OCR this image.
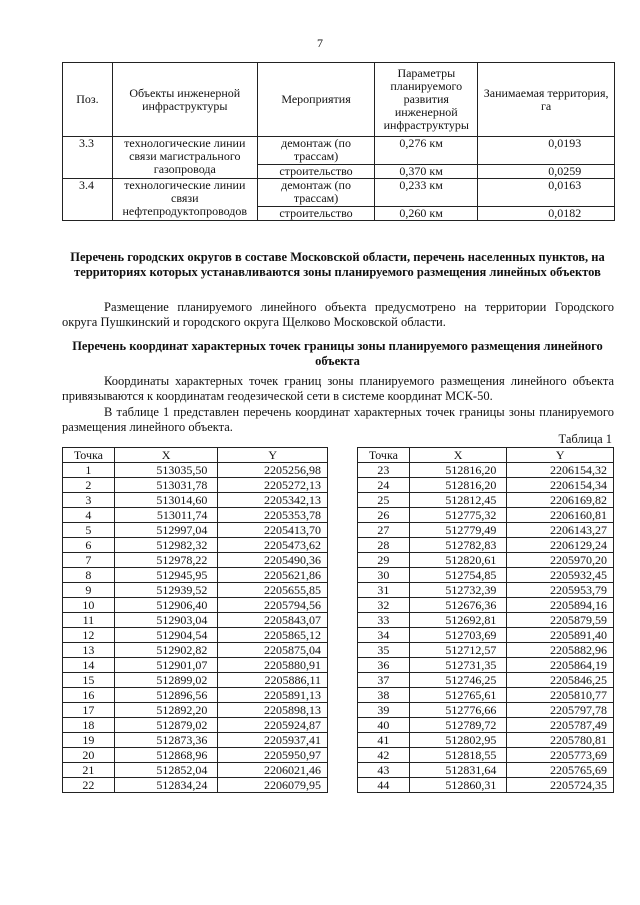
7
Поз.	Объекты инженерной инфраструктуры	Мероприятия	Параметры планируемого развития инженерной инфраструктуры	Занимаемая территория, га
3.3	технологические линии связи магистрального газопровода	демонтаж (по трассам)	0,276 км	0,0193
		строительство	0,370 км	0,0259
3.4	технологические линии связи нефтепродуктопроводов	демонтаж (по трассам)	0,233 км	0,0163
		строительство	0,260 км	0,0182
Перечень городских округов в составе Московской области, перечень населенных пунктов, на территориях которых устанавливаются зоны планируемого размещения линейных объектов
Размещение планируемого линейного объекта предусмотрено на территории Городского округа Пушкинский и городского округа Щелково Московской области.
Перечень координат характерных точек границы зоны планируемого размещения линейного объекта
Координаты характерных точек границ зоны планируемого размещения линейного объекта привязываются к координатам геодезической сети в системе координат МСК-50.
В таблице 1 представлен перечень координат характерных точек границы зоны планируемого размещения линейного объекта.
Таблица 1
Точка	X	Y
1	513035,50	2205256,98
2	513031,78	2205272,13
3	513014,60	2205342,13
4	513011,74	2205353,78
5	512997,04	2205413,70
6	512982,32	2205473,62
7	512978,22	2205490,36
8	512945,95	2205621,86
9	512939,52	2205655,85
10	512906,40	2205794,56
11	512903,04	2205843,07
12	512904,54	2205865,12
13	512902,82	2205875,04
14	512901,07	2205880,91
15	512899,02	2205886,11
16	512896,56	2205891,13
17	512892,20	2205898,13
18	512879,02	2205924,87
19	512873,36	2205937,41
20	512868,96	2205950,97
21	512852,04	2206021,46
22	512834,24	2206079,95
Точка	X	Y
23	512816,20	2206154,32
24	512816,20	2206154,34
25	512812,45	2206169,82
26	512775,32	2206160,81
27	512779,49	2206143,27
28	512782,83	2206129,24
29	512820,61	2205970,20
30	512754,85	2205932,45
31	512732,39	2205953,79
32	512676,36	2205894,16
33	512692,81	2205879,59
34	512703,69	2205891,40
35	512712,57	2205882,96
36	512731,35	2205864,19
37	512746,25	2205846,25
38	512765,61	2205810,77
39	512776,66	2205797,78
40	512789,72	2205787,49
41	512802,95	2205780,81
42	512818,55	2205773,69
43	512831,64	2205765,69
44	512860,31	2205724,35
